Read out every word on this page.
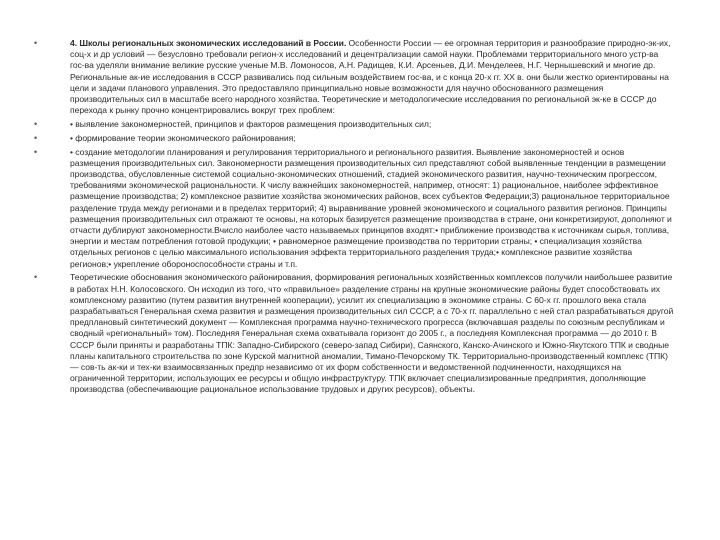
•	4. Школы региональных экономических исследований в России. Особенности России — ее огромная территория и разнообразие природно-эк-их, соц-х и др условий — безусловно требовали регион-х исследований и децентрализации самой науки. Проблемами территориального много устр-ва гос-ва уделяли внимание великие русские ученые М.В. Ломоносов, А.Н. Радищев, К.И. Арсеньев, Д.И. Менделеев, Н.Г. Чернышевский и многие др. Региональные ак-ие исследования в СССР развивались под сильным воздействием гос-ва, и с конца 20-х гг. XX в. они были жестко ориентированы на цели и задачи планового управления. Это предоставляло принципиально новые возможности для научно обоснованного размещения производительных сил в масштабе всего народного хозяйства. Теоретические и методологические исследования по региональной эк-ке в СССР до перехода к рынку прочно концентрировались вокруг трех проблем:
•	• выявление закономерностей, принципов и факторов размещения производительных сил;
•	• формирование теории экономического районирования;
•	• создание методологии планирования и регулирования территориального и регионального развития. Выявление закономерностей и основ размещения производительных сил. Закономерности размещения производительных сил представляют собой выявленные тенденции в размещении производства, обусловленные системой социально-экономических отношений, стадией экономического развития, научно-техническим прогрессом, требованиями экономической рациональности. К числу важнейших закономерностей, например, относят: 1) рациональное, наиболее эффективное размещение производства; 2) комплексное развитие хозяйства экономических районов, всех субъектов Федерации;3) рациональное территориальное разделение труда между регионами и в пределах территорий; 4) выравнивание уровней экономического и социального развития регионов. Принципы размещения производительных сил отражают те основы, на которых базируется размещение производства в стране, они конкретизируют, дополняют и отчасти дублируют закономерности.Вчисло наиболее часто называемых принципов входят:• приближение производства к источникам сырья, топлива, энергии и местам потребления готовой продукции; • равномерное размещение производства по территории страны; • специализация хозяйства отдельных регионов с целью максимального использования эффекта территориального разделения труда;• комплексное развитие хозяйства регионов;• укрепление обороноспособности страны и т.п.
•	Теоретические обоснования экономического районирования, формирования региональных хозяйственных комплексов получили наибольшее развитие в работах Н.Н. Колосовского. Он исходил из того, что «правильное» разделение страны на крупные экономические районы будет способствовать их комплексному развитию (путем развития внутренней кооперации), усилит их специализацию в экономике страны. С 60-х гг. прошлого века стала разрабатываться Генеральная схема развития и размещения производительных сил СССР, а с 70-х гг. параллельно с ней стал разрабатываться другой предплановый синтетический документ — Комплексная программа научно-технического прогресса (включавшая разделы по союзным республикам и сводный «региональный» том). Последняя Генеральная схема охватывала горизонт до 2005 г., а последняя Комплексная программа — до 2010 г. В СССР были приняты и разработаны ТПК: Западно-Сибирского (северо-запад Сибири), Саянского, Канско-Ачинского и Южно-Якутского ТПК и сводные планы капитального строительства по зоне Курской магнитной аномалии, Тимано-Печорскому ТК. Территориально-производственный комплекс (ТПК) — сов-ть ак-ки и тех-ки взаимосвязанных предпр независимо от их форм собственности и ведомственной подчиненности, находящихся на ограниченной территории, использующих ее ресурсы и общую инфраструктуру. ТПК включает специализированные предприятия, дополняющие производства (обеспечивающие рациональное использование трудовых и других ресурсов), объекты.
